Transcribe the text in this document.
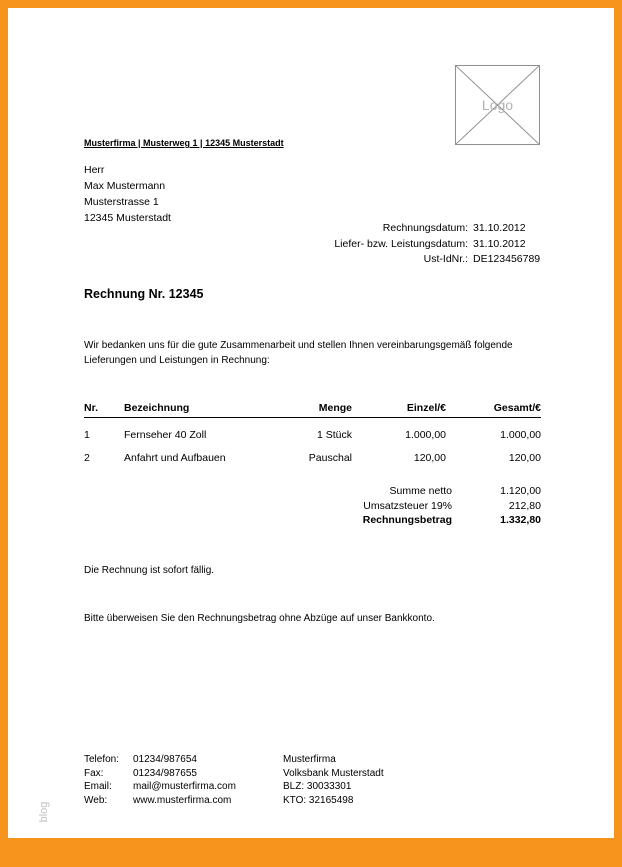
Logo
Musterfirma | Musterweg 1 | 12345 Musterstadt
Herr
Max Mustermann
Musterstrasse 1
12345 Musterstadt
Rechnungsdatum: 31.10.2012
Liefer- bzw. Leistungsdatum: 31.10.2012
Ust-IdNr.: DE123456789
Rechnung Nr. 12345

Wir bedanken uns für die gute Zusammenarbeit und stellen Ihnen vereinbarungsgemäß folgende Lieferungen und Leistungen in Rechnung:

Nr.	Bezeichnung	Menge	Einzel/€	Gesamt/€
1	Fernseher 40 Zoll	1 Stück	1.000,00	1.000,00
2	Anfahrt und Aufbauen	Pauschal	120,00	120,00
Summe netto	1.120,00
Umsatzsteuer 19%	212,80
Rechnungsbetrag	1.332,80

Die Rechnung ist sofort fällig.

Bitte überweisen Sie den Rechnungsbetrag ohne Abzüge auf unser Bankkonto.

Telefon:	01234/987654
Fax:	01234/987655
Email:	mail@musterfirma.com
Web:	www.musterfirma.com
Musterfirma
Volksbank Musterstadt
BLZ: 30033301
KTO: 32165498
blog
